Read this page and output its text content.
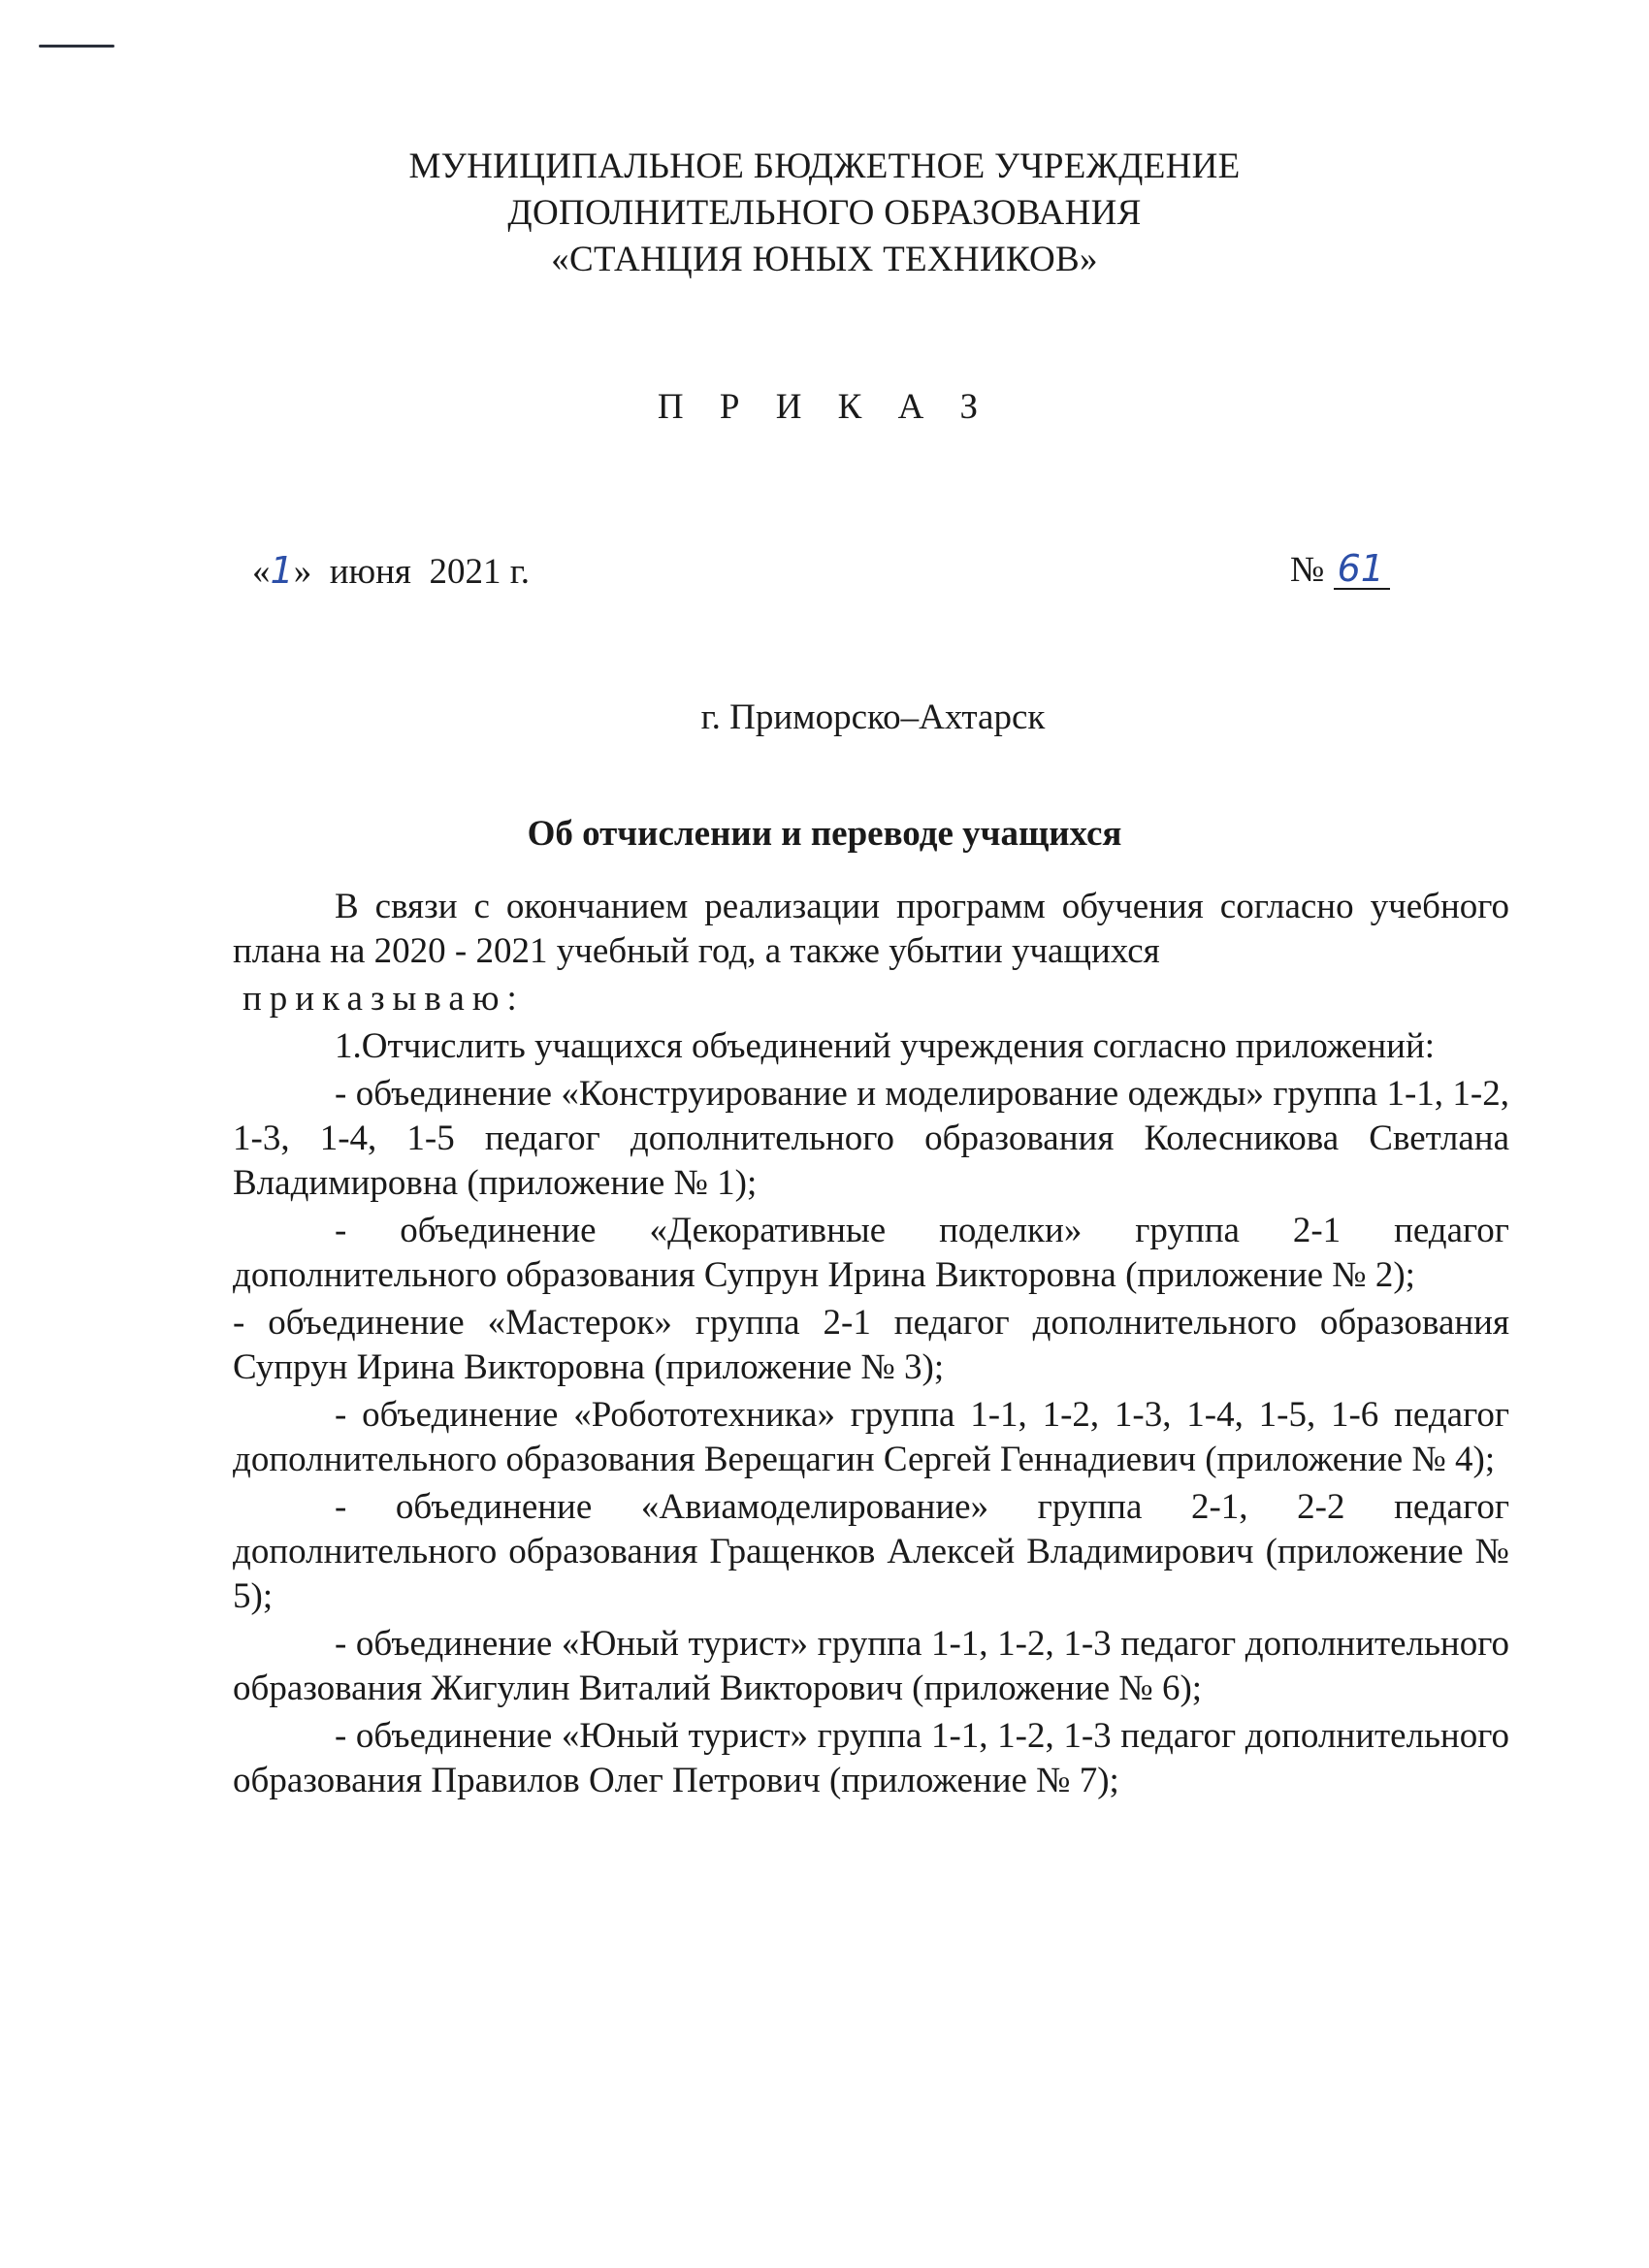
МУНИЦИПАЛЬНОЕ БЮДЖЕТНОЕ УЧРЕЖДЕНИЕ
ДОПОЛНИТЕЛЬНОГО ОБРАЗОВАНИЯ
«СТАНЦИЯ ЮНЫХ ТЕХНИКОВ»
П Р И К А З
«1»  июня  2021 г.	№ 61
г. Приморско–Ахтарск
Об отчислении и переводе учащихся
В связи с окончанием реализации программ обучения согласно учебного плана на 2020 - 2021 учебный год, а также убытии учащихся
приказываю:
1.Отчислить учащихся объединений учреждения согласно приложений:
- объединение «Конструирование и моделирование одежды» группа 1-1, 1-2, 1-3, 1-4, 1-5 педагог дополнительного образования Колесникова Светлана Владимировна (приложение № 1);
- объединение «Декоративные поделки» группа 2-1 педагог дополнительного образования Супрун Ирина Викторовна (приложение № 2);
- объединение «Мастерок» группа 2-1 педагог дополнительного образования Супрун Ирина Викторовна (приложение № 3);
- объединение «Робототехника» группа 1-1, 1-2, 1-3, 1-4, 1-5, 1-6 педагог дополнительного образования Верещагин Сергей Геннадиевич (приложение № 4);
- объединение «Авиамоделирование» группа 2-1, 2-2 педагог дополнительного образования Гращенков Алексей Владимирович (приложение № 5);
- объединение «Юный турист» группа 1-1, 1-2, 1-3 педагог дополнительного образования Жигулин Виталий Викторович (приложение № 6);
- объединение «Юный турист» группа 1-1, 1-2, 1-3 педагог дополнительного образования Правилов Олег Петрович (приложение № 7);
